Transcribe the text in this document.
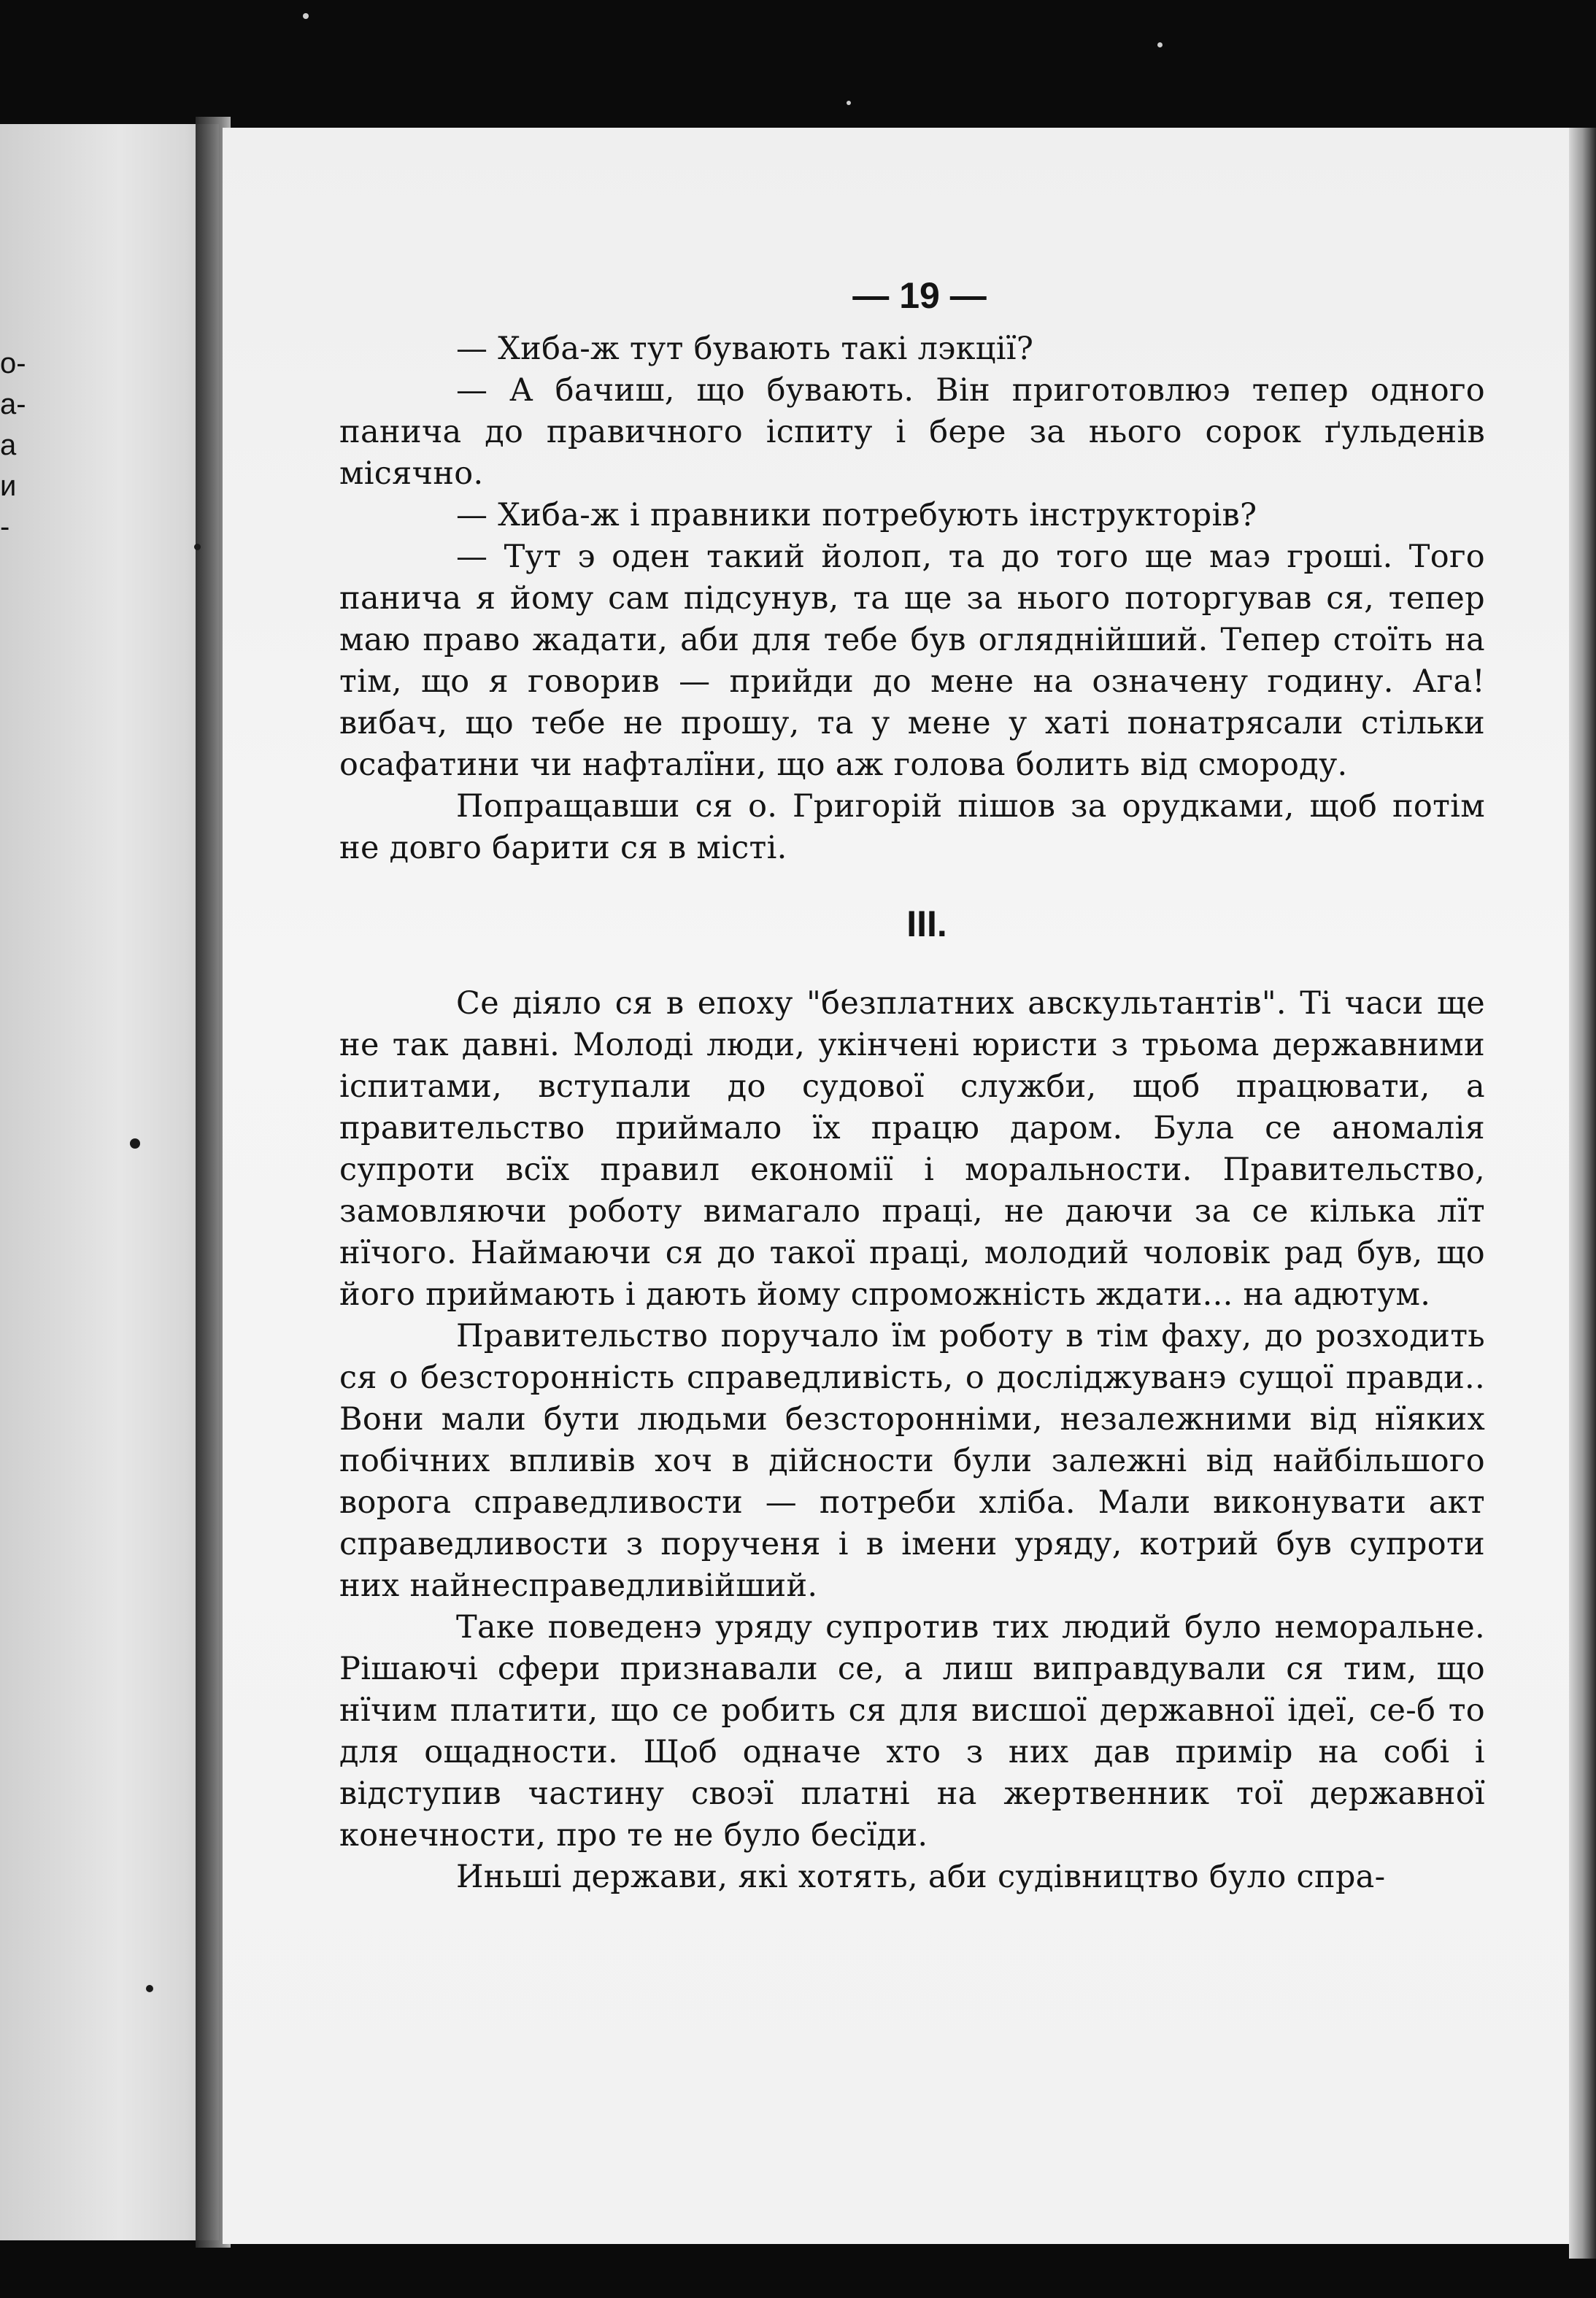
о-
а-
а
и
-
— 19 —

— Хиба-ж тут бувають такі лэкції?

— А бачиш, що бувають. Він приготовлюэ тепер одного панича до правичного іспиту і бере за нього сорок ґульденів місячно.

— Хиба-ж і правники потребують інструкторів?

— Тут э оден такий йолоп, та до того ще маэ гроші. Того панича я йому сам підсунув, та ще за нього поторгував ся, тепер маю право жадати, аби для тебе був огляднійший. Тепер стоїть на тім, що я говорив — прийди до мене на означену годину. Ага! вибач, що тебе не прошу, та у мене у хаті понатрясали стільки осафатини чи нафталїни, що аж голова болить від смороду.

Попращавши ся о. Григорій пішов за орудками, щоб потім не довго барити ся в місті.

III.

Се діяло ся в епоху "безплатних авскультантів". Ті часи ще не так давні. Молоді люди, укінчені юристи з трьома державними іспитами, вступали до судової служби, щоб працювати, а правительство приймало їх працю даром. Була се аномалія супроти всїх правил економії і моральности. Правительство, замовляючи роботу вимагало праці, не даючи за се кілька лїт нїчого. Наймаючи ся до такої праці, молодий чоловік рад був, що його приймають і дають йому спроможність ждати... на адютум.

Правительство поручало їм роботу в тім фаху, до розходить ся о безсторонність справедливість, о досліджуванэ сущої правди.. Вони мали бути людьми безсторонніми, незалежними від нїяких побічних впливів хоч в дійсности були залежні від найбільшого ворога справедливости — потреби хліба. Мали виконувати акт справедливости з порученя і в імени уряду, котрий був супроти них найнесправедливійший.

Таке поведенэ уряду супротив тих людий було неморальне. Рішаючі сфери признавали се, а лиш виправдували ся тим, що нїчим платити, що се робить ся для висшої державної ідеї, се-б то для ощадности. Щоб одначе хто з них дав примір на собі і відступив частину своэї платні на жертвенник тої державної конечности, про те не було бесїди.

Иньші держави, які хотять, аби судівництво було спра-
